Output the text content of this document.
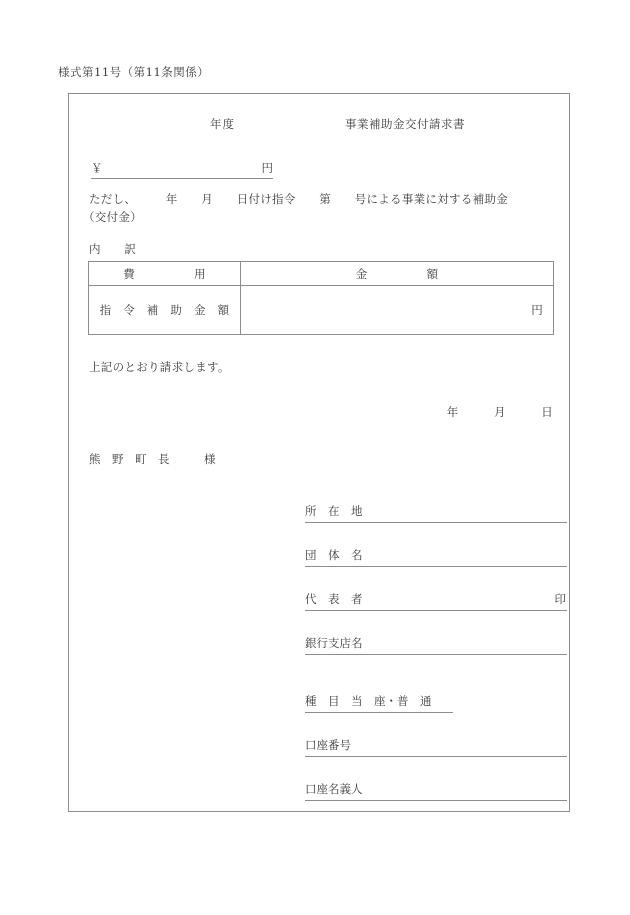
様式第11号（第11条関係）
年度	事業補助金交付請求書
￥	円
ただし、　　　年　　月　　日付け指令　　第　　号による事業に対する補助金
（交付金）
内　　訳
費　　　　　用	金　　　　　額

指　令　補　助　金　額	円
上記のとおり請求します。
年　　　月　　　日
熊　野　町　長　　　様
所　在　地
団　体　名
代　表　者	印
銀行支店名
種　目　当　座・普　通
口座番号
口座名義人
